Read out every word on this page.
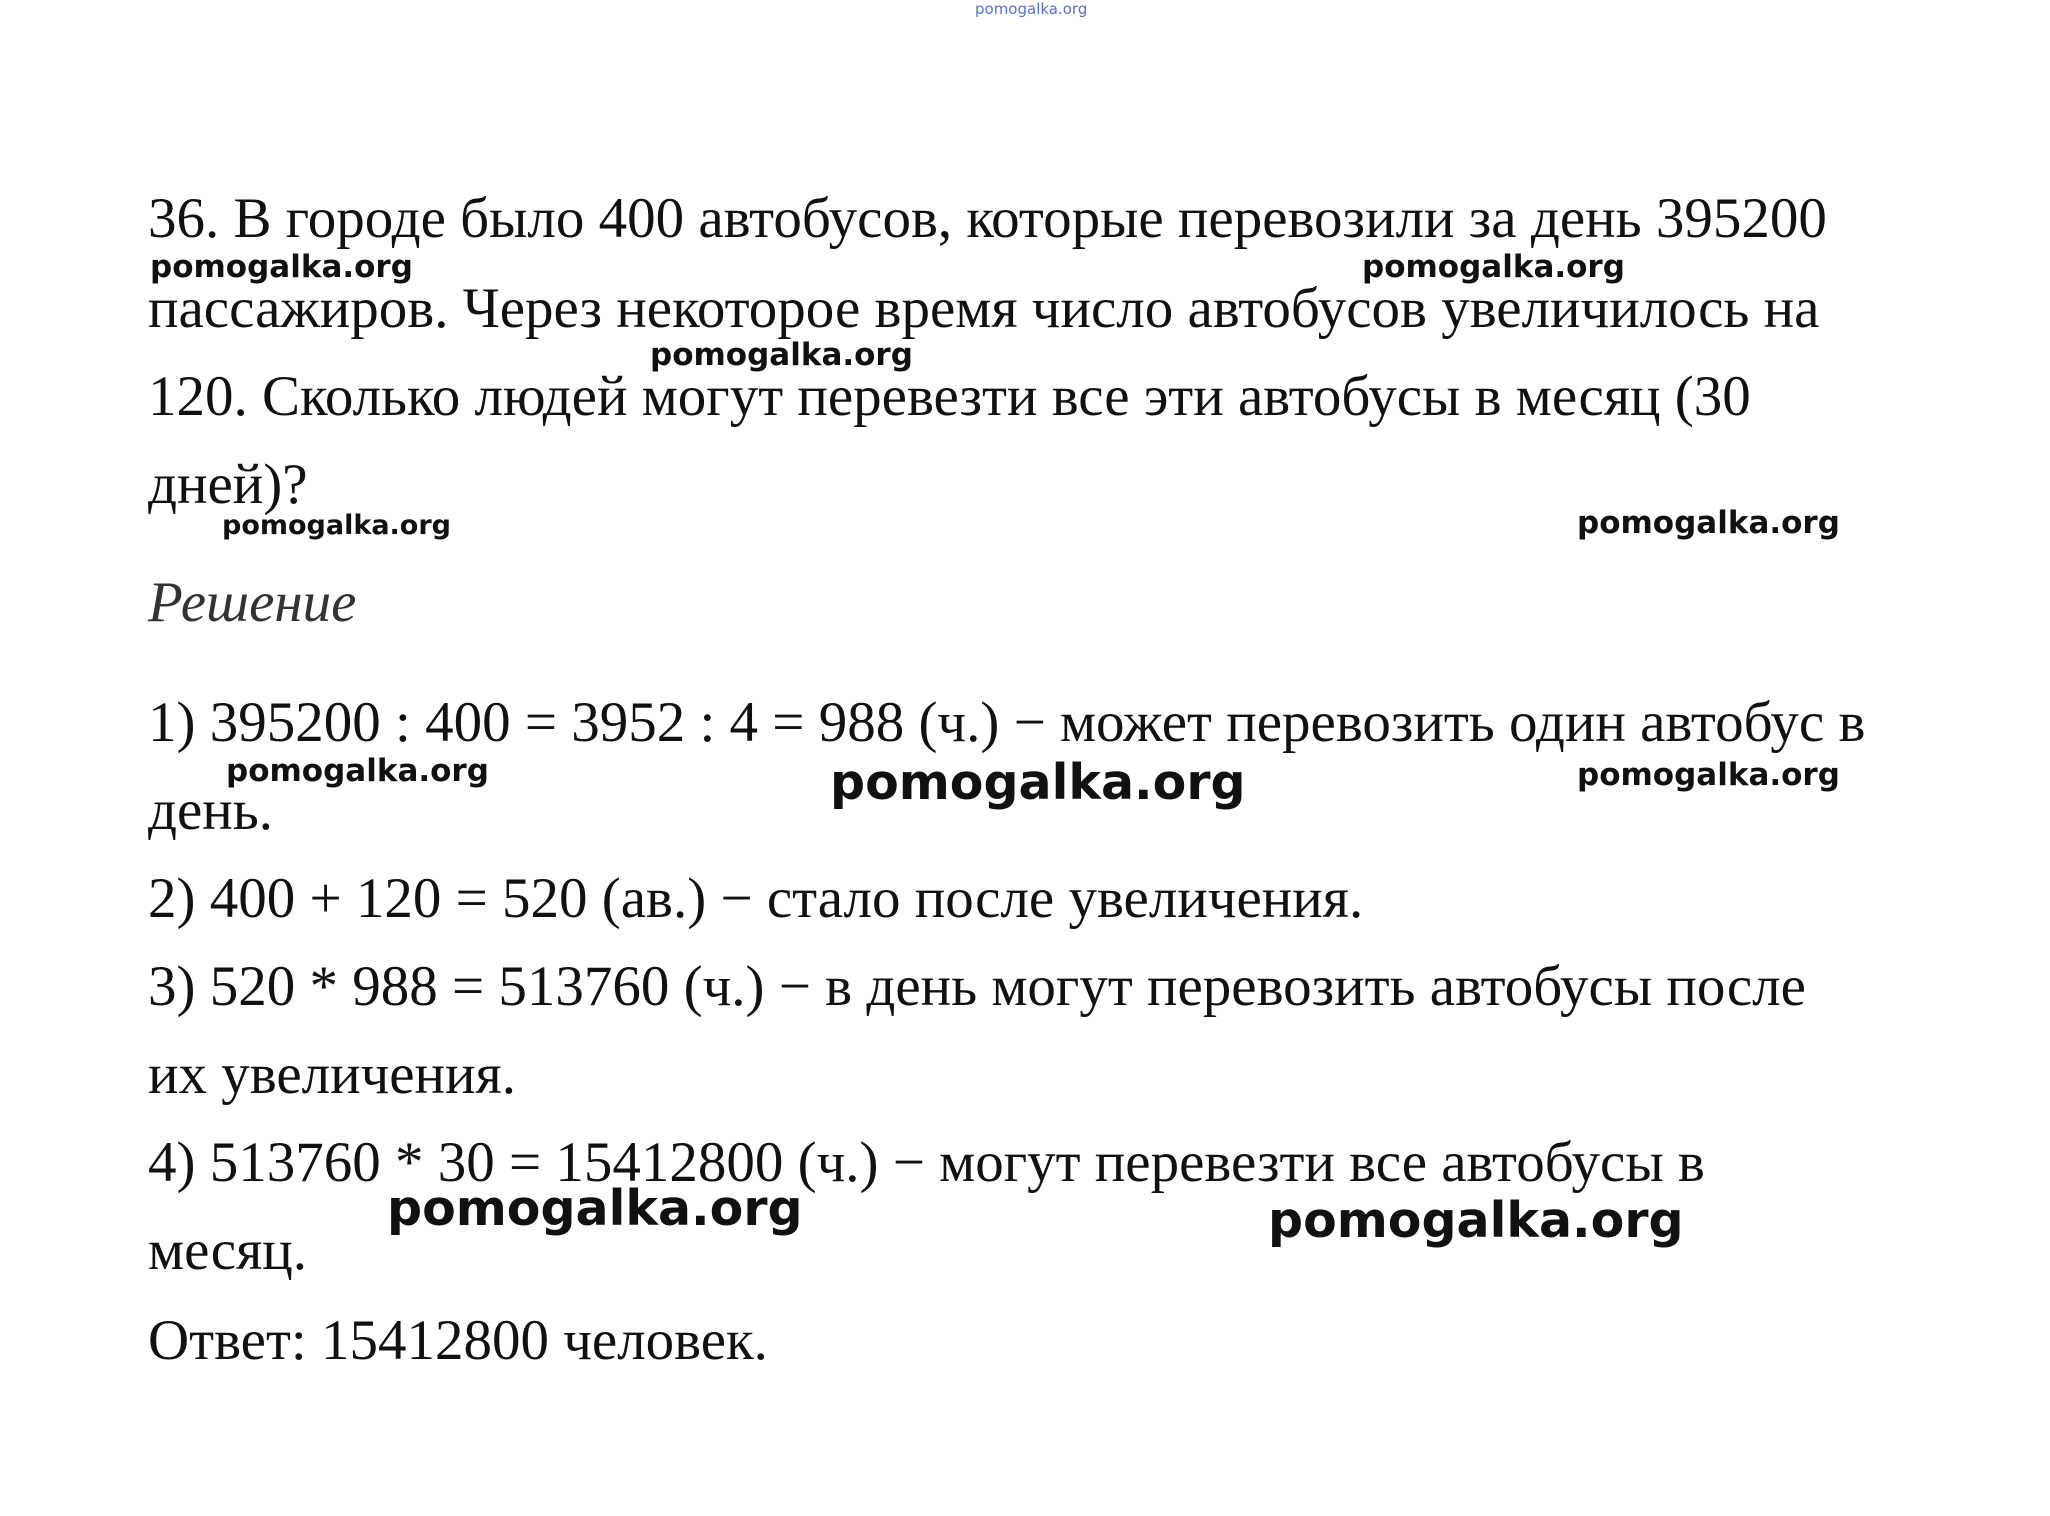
pomogalka.org

36. В городе было 400 автобусов, которые перевозили за день 395200

пассажиров. Через некоторое время число автобусов увеличилось на

120. Сколько людей могут перевезти все эти автобусы в месяц (30

дней)?

Решение

1) 395200 : 400 = 3952 : 4 = 988 (ч.) − может перевозить один автобус в

день.

2) 400 + 120 = 520 (ав.) − стало после увеличения.

3) 520 * 988 = 513760 (ч.) − в день могут перевозить автобусы после

их увеличения.

4) 513760 * 30 = 15412800 (ч.) − могут перевезти все автобусы в

месяц.

Ответ: 15412800 человек.

pomogalka.org	pomogalka.org
pomogalka.org
pomogalka.org	pomogalka.org
pomogalka.org	pomogalka.org	pomogalka.org
pomogalka.org	pomogalka.org
